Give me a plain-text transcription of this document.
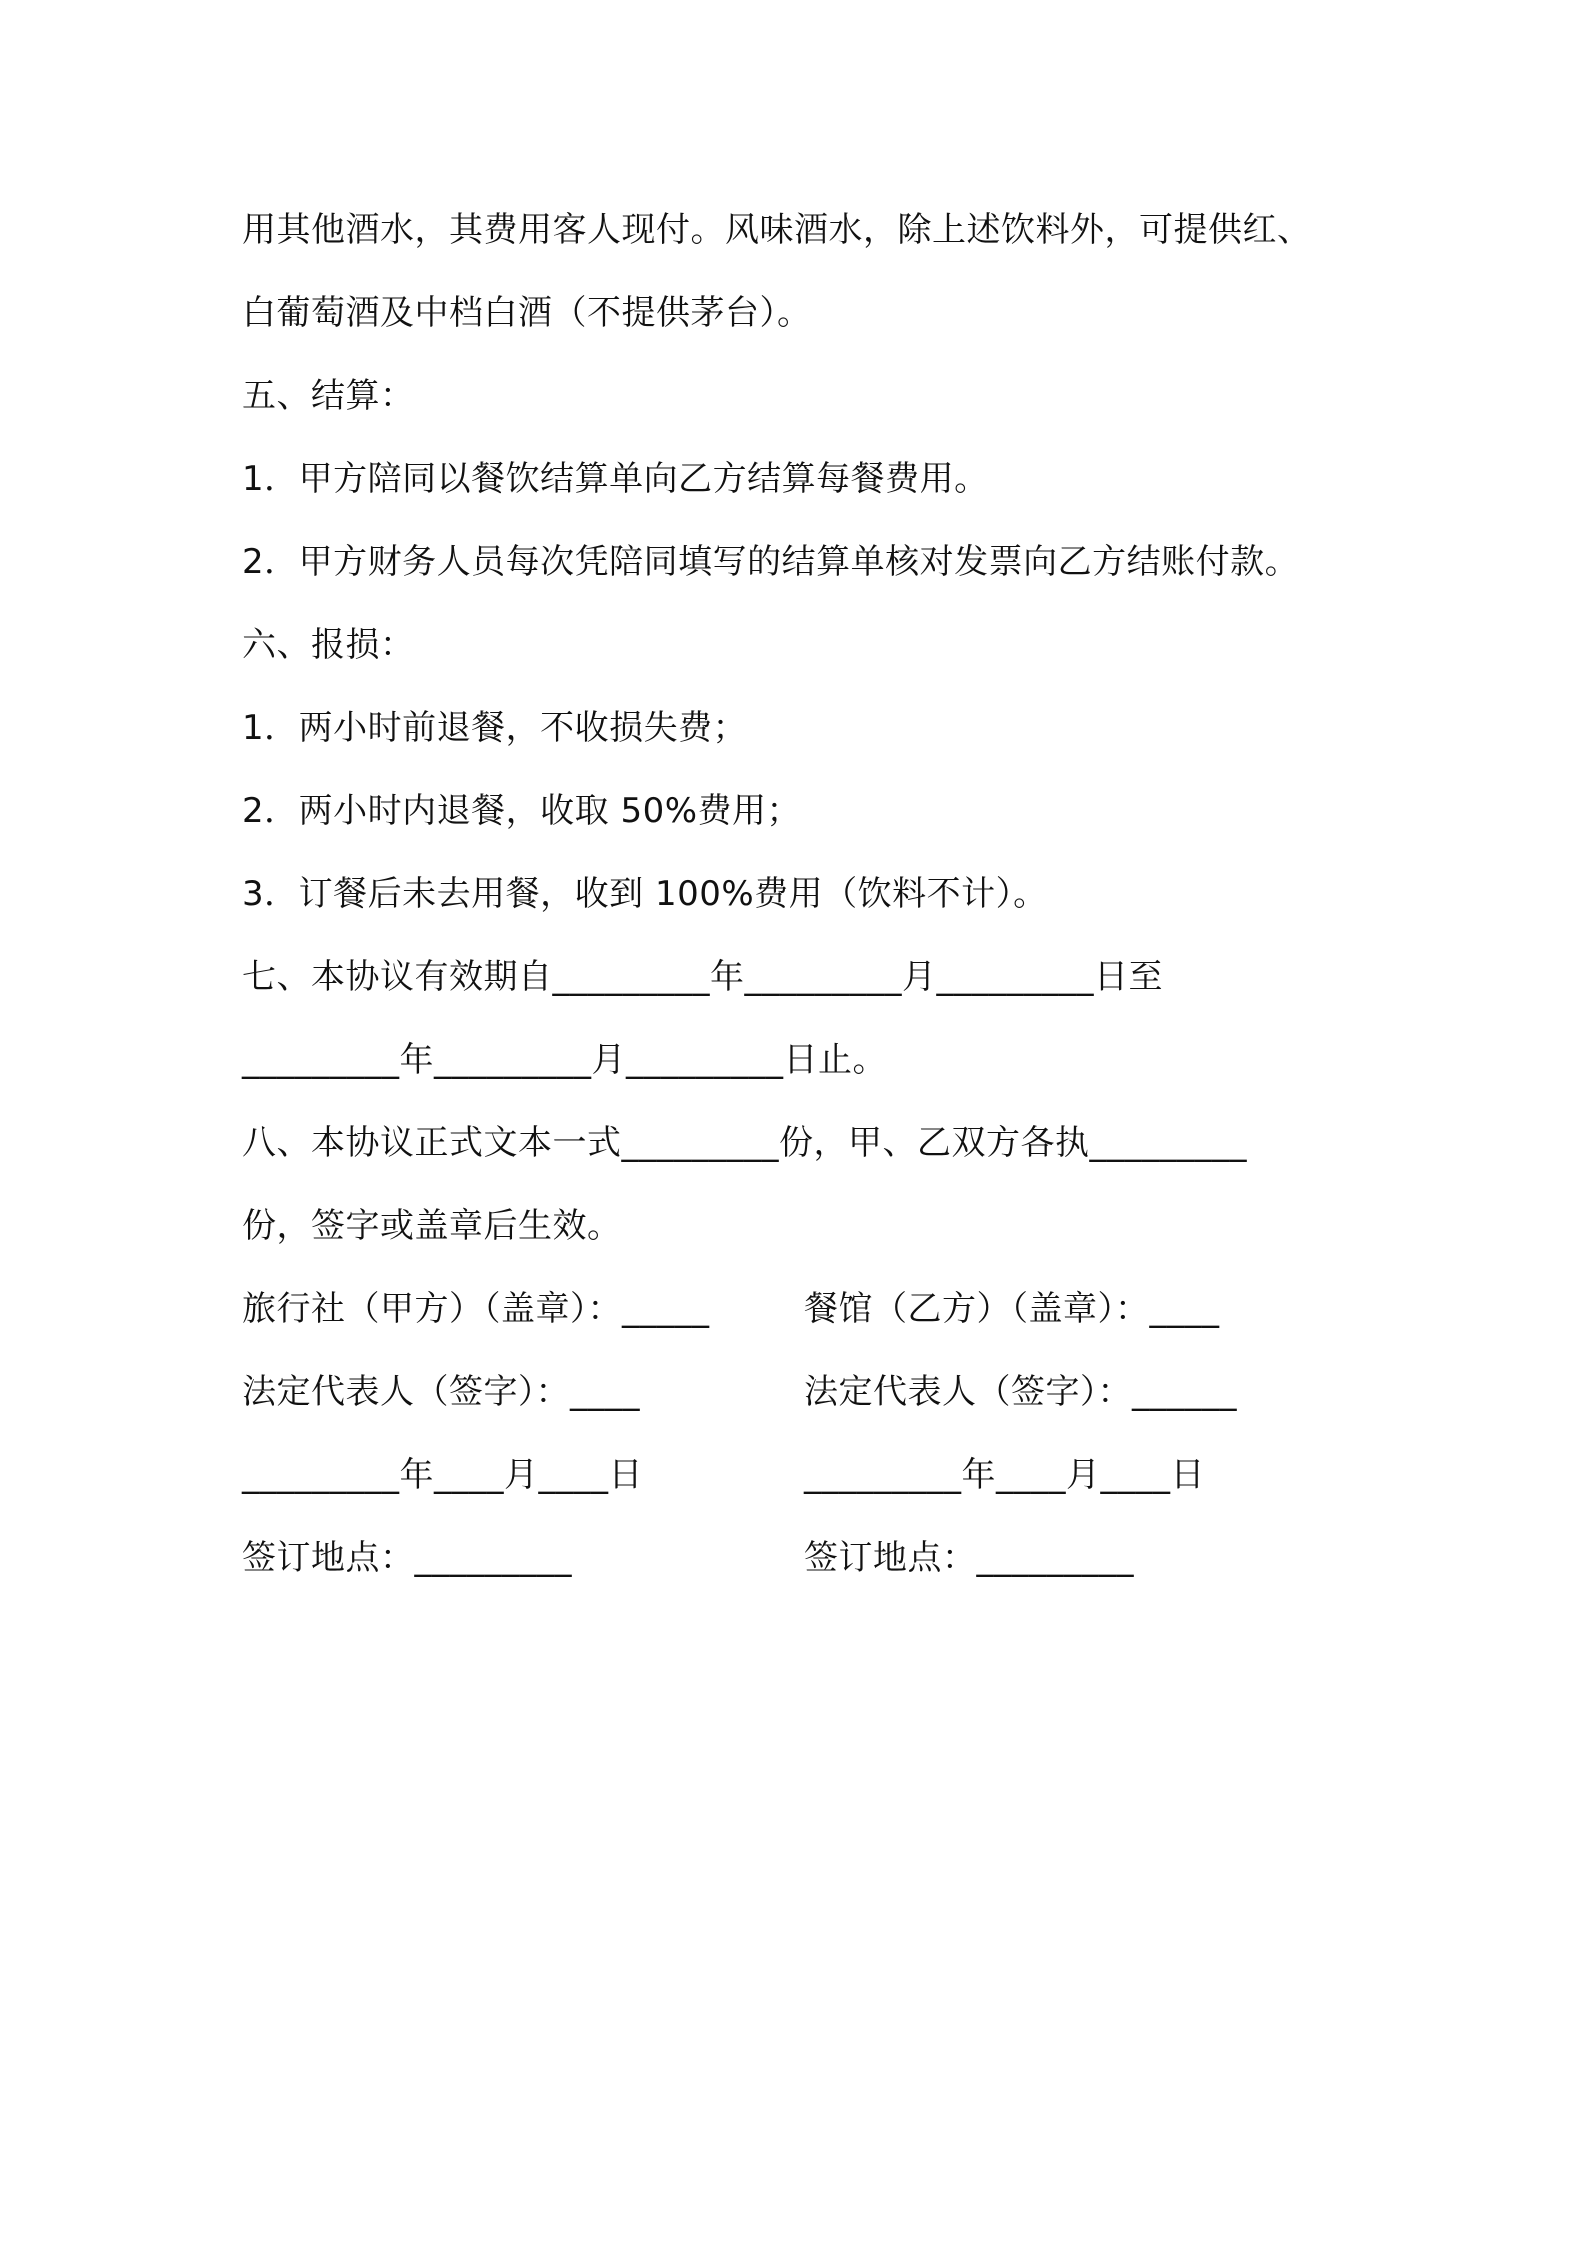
用其他酒水，其费用客人现付。风味酒水，除上述饮料外，可提供红、
白葡萄酒及中档白酒（不提供茅台）。
五、结算：
1．甲方陪同以餐饮结算单向乙方结算每餐费用。
2．甲方财务人员每次凭陪同填写的结算单核对发票向乙方结账付款。
六、报损：
1．两小时前退餐，不收损失费；
2．两小时内退餐，收取 50%费用；
3．订餐后未去用餐，收到 100%费用（饮料不计）。
七、本协议有效期自_________年_________月_________日至
_________年_________月_________日止。
八、本协议正式文本一式_________份，甲、乙双方各执_________
份，签字或盖章后生效。
旅行社（甲方）（盖章）：_____	餐馆（乙方）（盖章）：____
法定代表人（签字）：____	法定代表人（签字）：______
_________年____月____日	_________年____月____日
签订地点：_________	签订地点：_________
